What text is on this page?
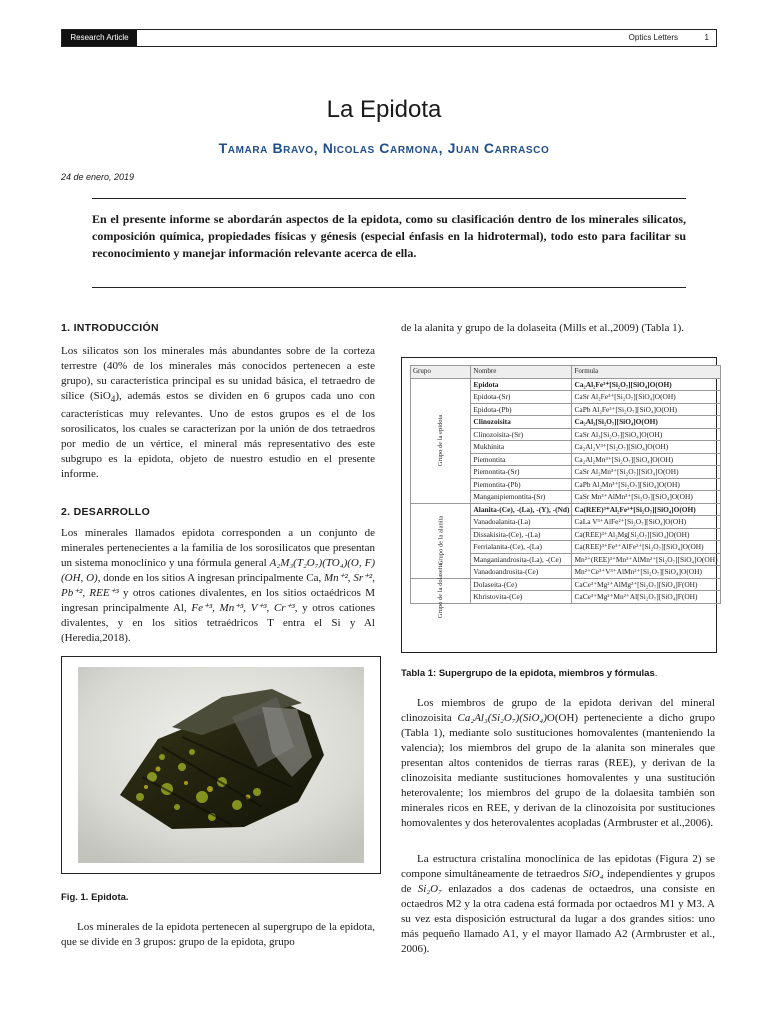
Research Article	Optics Letters	1
La Epidota
Tamara Bravo, Nicolas Carmona, Juan Carrasco
24 de enero, 2019
En el presente informe se abordarán aspectos de la epidota, como su clasificación dentro de los minerales silicatos, composición química, propiedades físicas y génesis (especial énfasis en la hidrotermal), todo esto para facilitar su reconocimiento y manejar información relevante acerca de ella.
1. INTRODUCCIÓN
Los silicatos son los minerales más abundantes sobre de la corteza terrestre (40% de los minerales más conocidos pertenecen a este grupo), su característica principal es su unidad básica, el tetraedro de sílice (SiO$_4$), además estos se dividen en 6 grupos cada uno con características muy relevantes. Uno de estos grupos es el de los sorosilicatos, los cuales se caracterizan por la unión de dos tetraedros por medio de un vértice, el mineral más representativo des este subgrupo es la epidota, objeto de nuestro estudio en el presente informe.
2. DESARROLLO
Los minerales llamados epidota corresponden a un conjunto de minerales pertenecientes a la familia de los sorosilicatos que presentan un sistema monoclínico y una fórmula general A₂M₃(T₂O₇)(TO₄)(O, F)(OH, O), donde en los sitios A ingresan principalmente Ca, Mn⁺², Sr⁺², Pb⁺², REE⁺³ y otros cationes divalentes, en los sitios octaédricos M ingresan principalmente Al, Fe⁺³, Mn⁺³, V⁺³, Cr⁺³, y otros cationes divalentes, y en los sitios tetraédricos T entra el Si y Al (Heredia,2018).
Fig. 1. Epidota.
Los minerales de la epidota pertenecen al supergrupo de la epidota, que se divide en 3 grupos: grupo de la epidota, grupo
de la alanita y grupo de la dolaseita (Mills et al.,2009) (Tabla 1).
Grupo	Nombre	Formula
Grupo de la epidota	Epidota	Ca₂Al₂Fe³⁺[Si₂O₇][SiO₄]O(OH)
	Epidota-(Sr)	CaSr Al₂Fe³⁺[Si₂O₇][SiO₄]O(OH)
	Epidota-(Pb)	CaPb Al₂Fe³⁺[Si₂O₇][SiO₄]O(OH)
	Clinozoisita	Ca₂Al₃[Si₂O₇][SiO₄]O(OH)
	Clinozoisita-(Sr)	CaSr Al₃[Si₂O₇][SiO₄]O(OH)
	Mukhinita	Ca₂Al₂V³⁺[Si₂O₇][SiO₄]O(OH)
	Piemontita	Ca₂Al₂Mn³⁺[Si₂O₇][SiO₄]O(OH)
	Piemontita-(Sr)	CaSr Al₂Mn³⁺[Si₂O₇][SiO₄]O(OH)
	Piemontita-(Pb)	CaPb Al₂Mn³⁺[Si₂O₇][SiO₄]O(OH)
	Manganipiemontita-(Sr)	CaSr Mn³⁺AlMn³⁺[Si₂O₇][SiO₄]O(OH)
Grupo de la alanita	Alanita-(Ce), -(La), -(Y), -(Nd)	Ca(REE)³⁺Al₂Fe²⁺[Si₂O₇][SiO₄]O(OH)
	Vanadoalanita-(La)	CaLa V³⁺AlFe²⁺[Si₂O₇][SiO₄]O(OH)
	Dissakisita-(Ce), -(La)	Ca(REE)³⁺Al₂Mg[Si₂O₇][SiO₄]O(OH)
	Ferrialanita-(Ce), -(La)	Ca(REE)³⁺Fe³⁺AlFe²⁺[Si₂O₇][SiO₄]O(OH)
	Manganiandrosita-(La), -(Ce)	Mn²⁺(REE)³⁺Mn³⁺AlMn²⁺[Si₂O₇][SiO₄]O(OH)
	Vanadoandrosita-(Ce)	Mn²⁺Ce³⁺V³⁺AlMn²⁺[Si₂O₇][SiO₄]O(OH)
Grupo de la dolaseita	Dolaseita-(Ce)	CaCe³⁺Mg²⁺AlMg²⁺[Si₂O₇][SiO₄]F(OH)
	Khristovita-(Ce)	CaCe³⁺Mg²⁺Mn²⁺Al[Si₂O₇][SiO₄]F(OH)
Tabla 1: Supergrupo de la epidota, miembros y fórmulas.
Los miembros de grupo de la epidota derivan del mineral clinozoisita Ca₂Al₃(Si₂O₇)(SiO₄)O(OH) perteneciente a dicho grupo (Tabla 1), mediante solo sustituciones homovalentes (manteniendo la valencia); los miembros del grupo de la alanita son minerales que presentan altos contenidos de tierras raras (REE), y derivan de la clinozoisita mediante sustituciones homovalentes y una sustitución heterovalente; los miembros del grupo de la dolaesita también son minerales ricos en REE, y derivan de la clinozoisita por sustituciones homovalentes y dos heterovalentes acopladas (Armbruster et al.,2006).
La estructura cristalina monoclínica de las epidotas (Figura 2) se compone simultáneamente de tetraedros SiO₄ independientes y grupos de Si₂O₇ enlazados a dos cadenas de octaedros, una consiste en octaedros M2 y la otra cadena está formada por octaedros M1 y M3. A su vez esta disposición estructural da lugar a dos grandes sitios: uno más pequeño llamado A1, y el mayor llamado A2 (Armbruster et al., 2006).
